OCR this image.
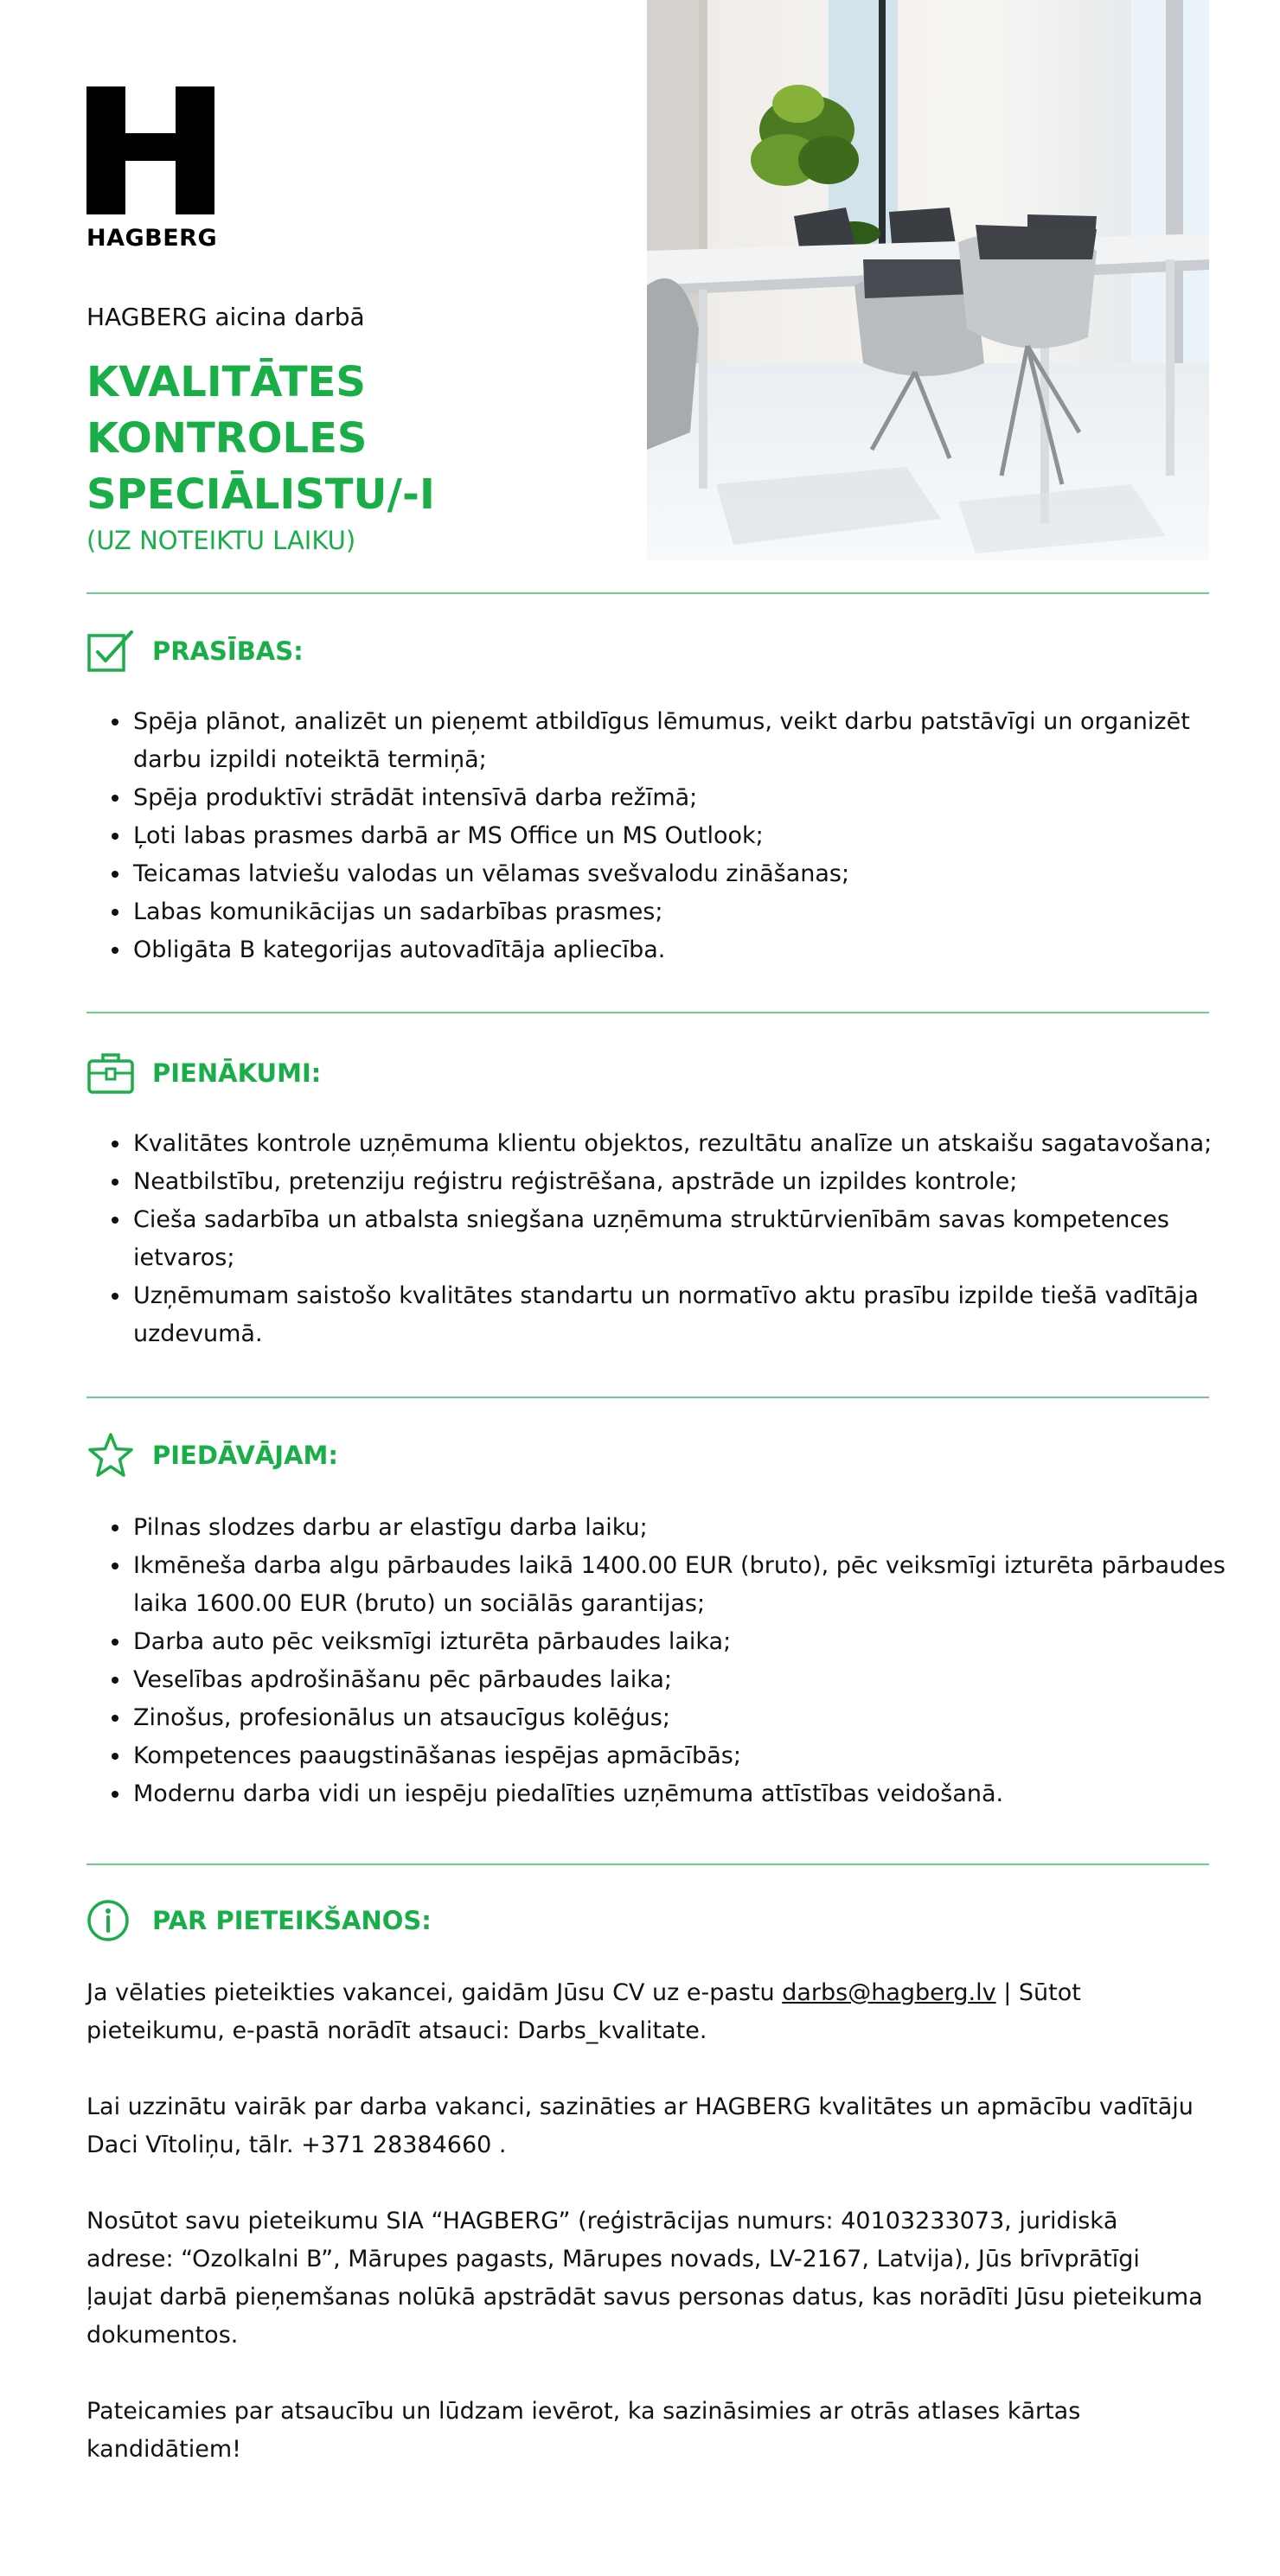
HAGBERG
HAGBERG aicina darbā
KVALITĀTES
KONTROLES
SPECIĀLISTU/-I
(UZ NOTEIKTU LAIKU)
PRASĪBAS:
• Spēja plānot, analizēt un pieņemt atbildīgus lēmumus, veikt darbu patstāvīgi un organizēt darbu izpildi noteiktā termiņā;
• Spēja produktīvi strādāt intensīvā darba režīmā;
• Ļoti labas prasmes darbā ar MS Office un MS Outlook;
• Teicamas latviešu valodas un vēlamas svešvalodu zināšanas;
• Labas komunikācijas un sadarbības prasmes;
• Obligāta B kategorijas autovadītāja apliecība.
PIENĀKUMI:
• Kvalitātes kontrole uzņēmuma klientu objektos, rezultātu analīze un atskaišu sagatavošana;
• Neatbilstību, pretenziju reģistru reģistrēšana, apstrāde un izpildes kontrole;
• Cieša sadarbība un atbalsta sniegšana uzņēmuma struktūrvienībām savas kompetences ietvaros;
• Uzņēmumam saistošo kvalitātes standartu un normatīvo aktu prasību izpilde tiešā vadītāja uzdevumā.
PIEDĀVĀJAM:
• Pilnas slodzes darbu ar elastīgu darba laiku;
• Ikmēneša darba algu pārbaudes laikā 1400.00 EUR (bruto), pēc veiksmīgi izturēta pārbaudes laika 1600.00 EUR (bruto) un sociālās garantijas;
• Darba auto pēc veiksmīgi izturēta pārbaudes laika;
• Veselības apdrošināšanu pēc pārbaudes laika;
• Zinošus, profesionālus un atsaucīgus kolēģus;
• Kompetences paaugstināšanas iespējas apmācībās;
• Modernu darba vidi un iespēju piedalīties uzņēmuma attīstības veidošanā.
PAR PIETEIKŠANOS:

Ja vēlaties pieteikties vakancei, gaidām Jūsu CV uz e-pastu darbs@hagberg.lv | Sūtot pieteikumu, e-pastā norādīt atsauci: Darbs_kvalitate.

Lai uzzinātu vairāk par darba vakanci, sazināties ar HAGBERG kvalitātes un apmācību vadītāju Daci Vītoliņu, tālr. +371 28384660 .

Nosūtot savu pieteikumu SIA “HAGBERG” (reģistrācijas numurs: 40103233073, juridiskā adrese: “Ozolkalni B”, Mārupes pagasts, Mārupes novads, LV-2167, Latvija), Jūs brīvprātīgi ļaujat darbā pieņemšanas nolūkā apstrādāt savus personas datus, kas norādīti Jūsu pieteikuma dokumentos.

Pateicamies par atsaucību un lūdzam ievērot, ka sazināsimies ar otrās atlases kārtas kandidātiem!
